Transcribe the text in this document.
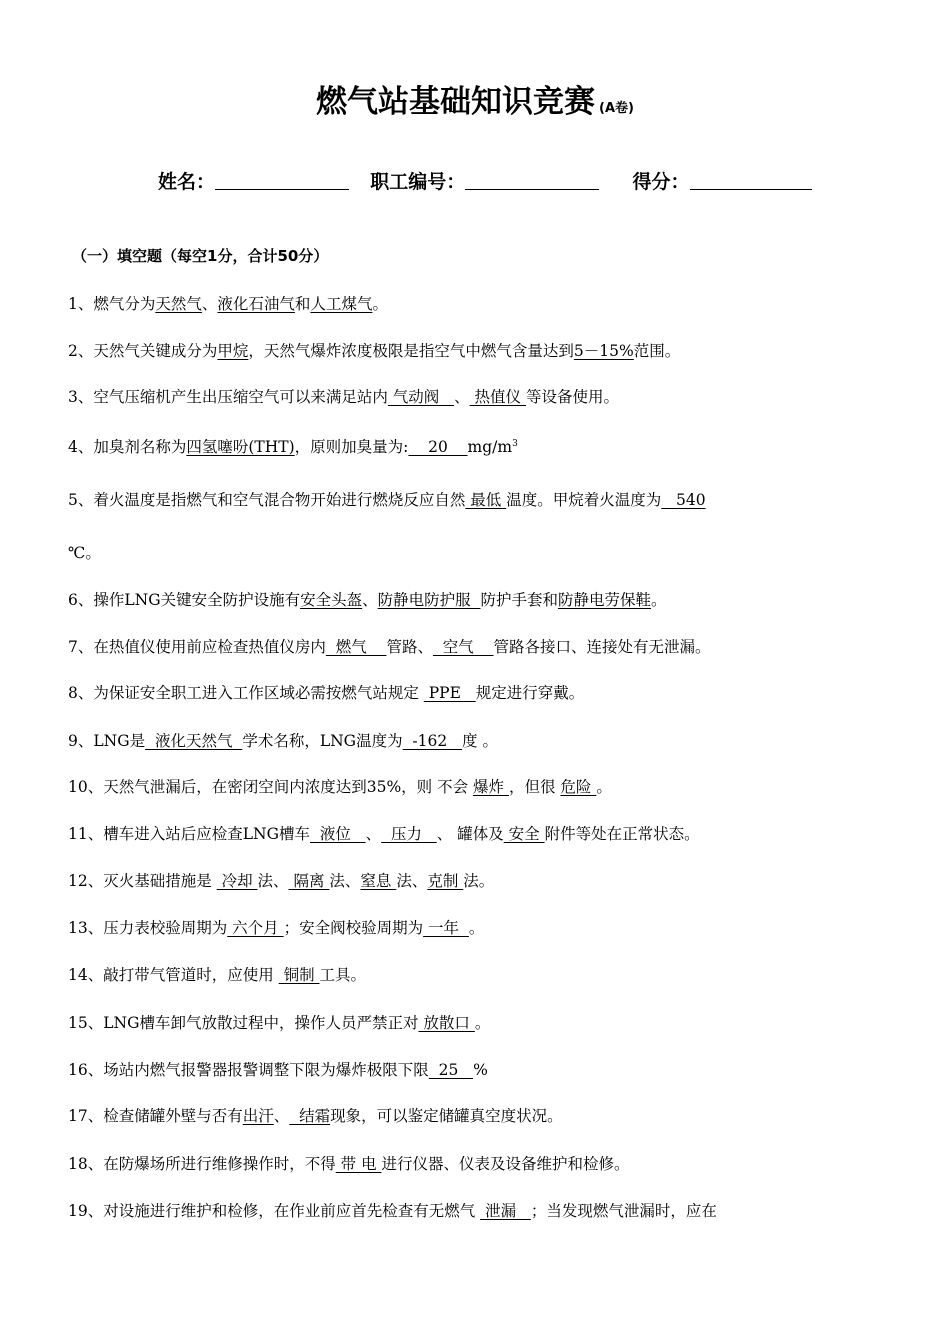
燃气站基础知识竞赛 (A卷)
姓名：	职工编号：	得分：
（一）填空题（每空1分，合计50分）
1、燃气分为天然气、液化石油气和人工煤气。
2、天然气关键成分为甲烷，天然气爆炸浓度极限是指空气中燃气含量达到5－15%范围。
3、空气压缩机产生出压缩空气可以来满足站内 气动阀   、 热值仪 等设备使用。
4、加臭剂名称为四氢噻吩(THT)，原则加臭量为:    20    $mg/m^3$
5、着火温度是指燃气和空气混合物开始进行燃烧反应自然 最低 温度。甲烷着火温度为   540
℃。
6、操作LNG关键安全防护设施有安全头盔、防静电防护服  防护手套和防静电劳保鞋。
7、在热值仪使用前应检查热值仪房内  燃气    管路、  空气    管路各接口、连接处有无泄漏。
8、为保证安全职工进入工作区域必需按燃气站规定  PPE   规定进行穿戴。
9、LNG是  液化天然气  学术名称，LNG温度为  -162   度 。
10、天然气泄漏后，在密闭空间内浓度达到35%，则 不会 爆炸 ，但很 危险 。
11、槽车进入站后应检查LNG槽车  液位   、  压力   、 罐体及 安全 附件等处在正常状态。
12、灭火基础措施是  冷却 法、 隔离 法、窒息 法、克制 法。
13、压力表校验周期为 六个月 ；安全阀校验周期为 一年  。
14、敲打带气管道时，应使用  铜制 工具。
15、LNG槽车卸气放散过程中，操作人员严禁正对 放散口 。
16、场站内燃气报警器报警调整下限为爆炸极限下限  25   %
17、检查储罐外壁与否有出汗、  结霜现象，可以鉴定储罐真空度状况。
18、在防爆场所进行维修操作时，不得 带 电 进行仪器、仪表及设备维护和检修。
19、对设施进行维护和检修，在作业前应首先检查有无燃气  泄漏   ；当发现燃气泄漏时，应在
